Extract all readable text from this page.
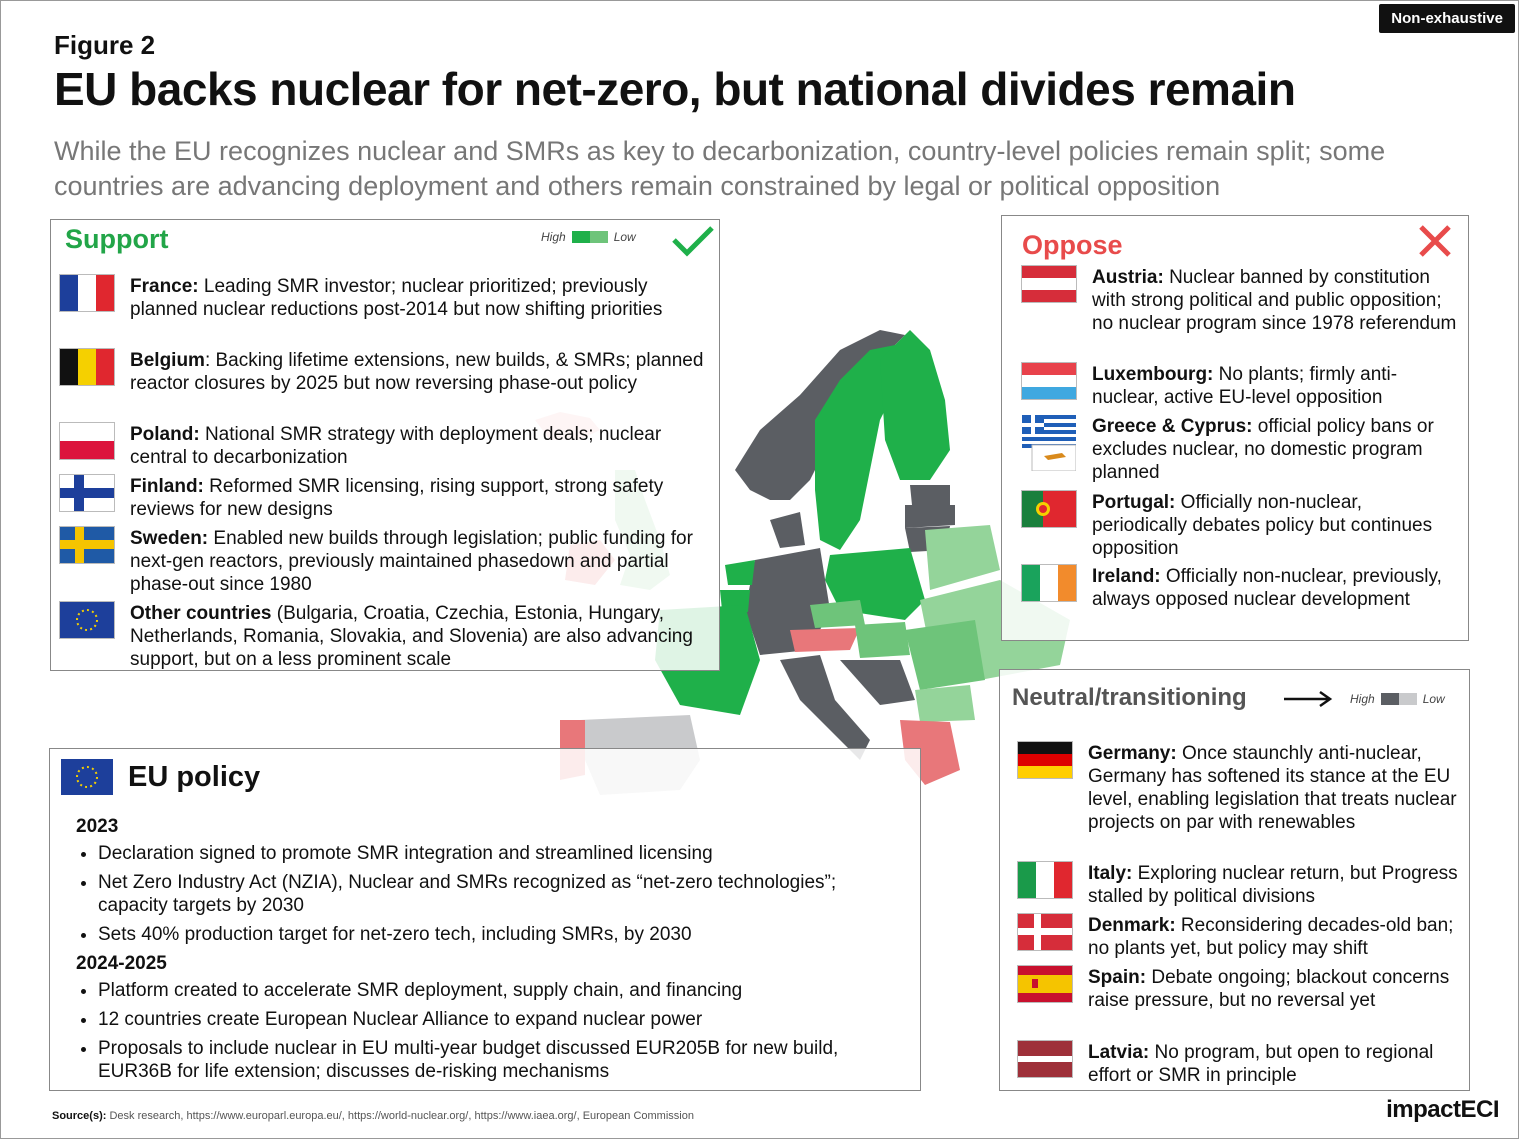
Non-exhaustive
Figure 2
EU backs nuclear for net-zero, but national divides remain
While the EU recognizes nuclear and SMRs as key to decarbonization, country-level policies remain split; some countries are advancing deployment and others remain constrained by legal or political opposition
Support	High	Low
France: Leading SMR investor; nuclear prioritized; previously planned nuclear reductions post-2014 but now shifting priorities
Belgium: Backing lifetime extensions, new builds, & SMRs; planned reactor closures by 2025 but now reversing phase-out policy
Poland: National SMR strategy with deployment deals; nuclear central to decarbonization
Finland: Reformed SMR licensing, rising support, strong safety reviews for new designs
Sweden: Enabled new builds through legislation; public funding for next-gen reactors, previously maintained phasedown and partial phase-out since 1980
Other countries (Bulgaria, Croatia, Czechia, Estonia, Hungary, Netherlands, Romania, Slovakia, and Slovenia) are also advancing support, but on a less prominent scale
Oppose
Austria: Nuclear banned by constitution with strong political and public opposition; no nuclear program since 1978 referendum
Luxembourg: No plants; firmly anti-nuclear, active EU-level opposition
Greece & Cyprus: official policy bans or excludes nuclear, no domestic program planned
Portugal: Officially non-nuclear, periodically debates policy but continues opposition
Ireland: Officially non-nuclear, previously, always opposed nuclear development
Neutral/transitioning	High	Low
Germany: Once staunchly anti-nuclear, Germany has softened its stance at the EU level, enabling legislation that treats nuclear projects on par with renewables
Italy: Exploring nuclear return, but Progress stalled by political divisions
Denmark: Reconsidering decades-old ban; no plants yet, but policy may shift
Spain: Debate ongoing; blackout concerns raise pressure, but no reversal yet
Latvia: No program, but open to regional effort or SMR in principle
EU policy
2023
• Declaration signed to promote SMR integration and streamlined licensing
• Net Zero Industry Act (NZIA), Nuclear and SMRs recognized as “net-zero technologies”; capacity targets by 2030
• Sets 40% production target for net-zero tech, including SMRs, by 2030
2024-2025
• Platform created to accelerate SMR deployment, supply chain, and financing
• 12 countries create European Nuclear Alliance to expand nuclear power
• Proposals to include nuclear in EU multi-year budget discussed EUR205B for new build, EUR36B for life extension; discusses de-risking mechanisms
Source(s): Desk research, https://www.europarl.europa.eu/, https://world-nuclear.org/, https://www.iaea.org/, European Commission	impactECI
